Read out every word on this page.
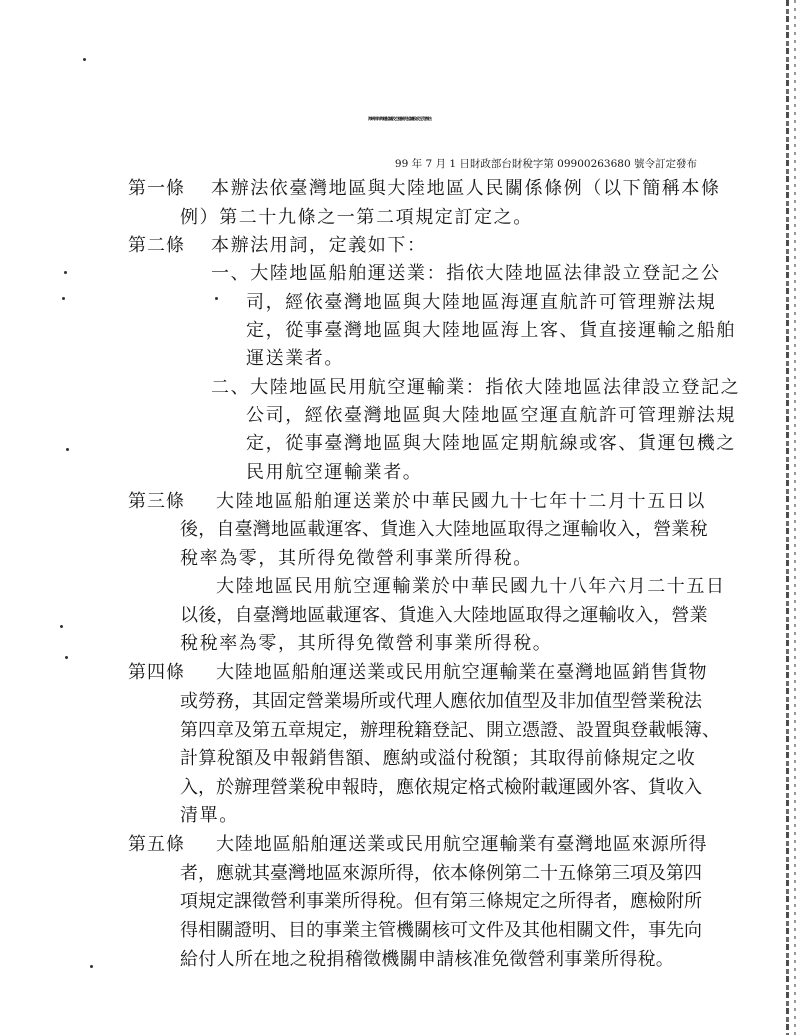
海峽兩岸海運協議及空運補充協議稅收互免辦法
99 年 7 月 1 日財政部台財稅字第 09900263680 號令訂定發布
第一條 本辦法依臺灣地區與大陸地區人民關係條例（以下簡稱本條
例）第二十九條之一第二項規定訂定之。
第二條 本辦法用詞，定義如下：
一、大陸地區船舶運送業：指依大陸地區法律設立登記之公
司，經依臺灣地區與大陸地區海運直航許可管理辦法規
定，從事臺灣地區與大陸地區海上客、貨直接運輸之船舶
運送業者。
二、大陸地區民用航空運輸業：指依大陸地區法律設立登記之
公司，經依臺灣地區與大陸地區空運直航許可管理辦法規
定，從事臺灣地區與大陸地區定期航線或客、貨運包機之
民用航空運輸業者。
第三條 大陸地區船舶運送業於中華民國九十七年十二月十五日以
後，自臺灣地區載運客、貨進入大陸地區取得之運輸收入，營業稅
稅率為零，其所得免徵營利事業所得稅。
大陸地區民用航空運輸業於中華民國九十八年六月二十五日
以後，自臺灣地區載運客、貨進入大陸地區取得之運輸收入，營業
稅稅率為零，其所得免徵營利事業所得稅。
第四條 大陸地區船舶運送業或民用航空運輸業在臺灣地區銷售貨物
或勞務，其固定營業場所或代理人應依加值型及非加值型營業稅法
第四章及第五章規定，辦理稅籍登記、開立憑證、設置與登載帳簿、
計算稅額及申報銷售額、應納或溢付稅額；其取得前條規定之收
入，於辦理營業稅申報時，應依規定格式檢附載運國外客、貨收入
清單。
第五條 大陸地區船舶運送業或民用航空運輸業有臺灣地區來源所得
者，應就其臺灣地區來源所得，依本條例第二十五條第三項及第四
項規定課徵營利事業所得稅。但有第三條規定之所得者，應檢附所
得相關證明、目的事業主管機關核可文件及其他相關文件，事先向
給付人所在地之稅捐稽徵機關申請核准免徵營利事業所得稅。
